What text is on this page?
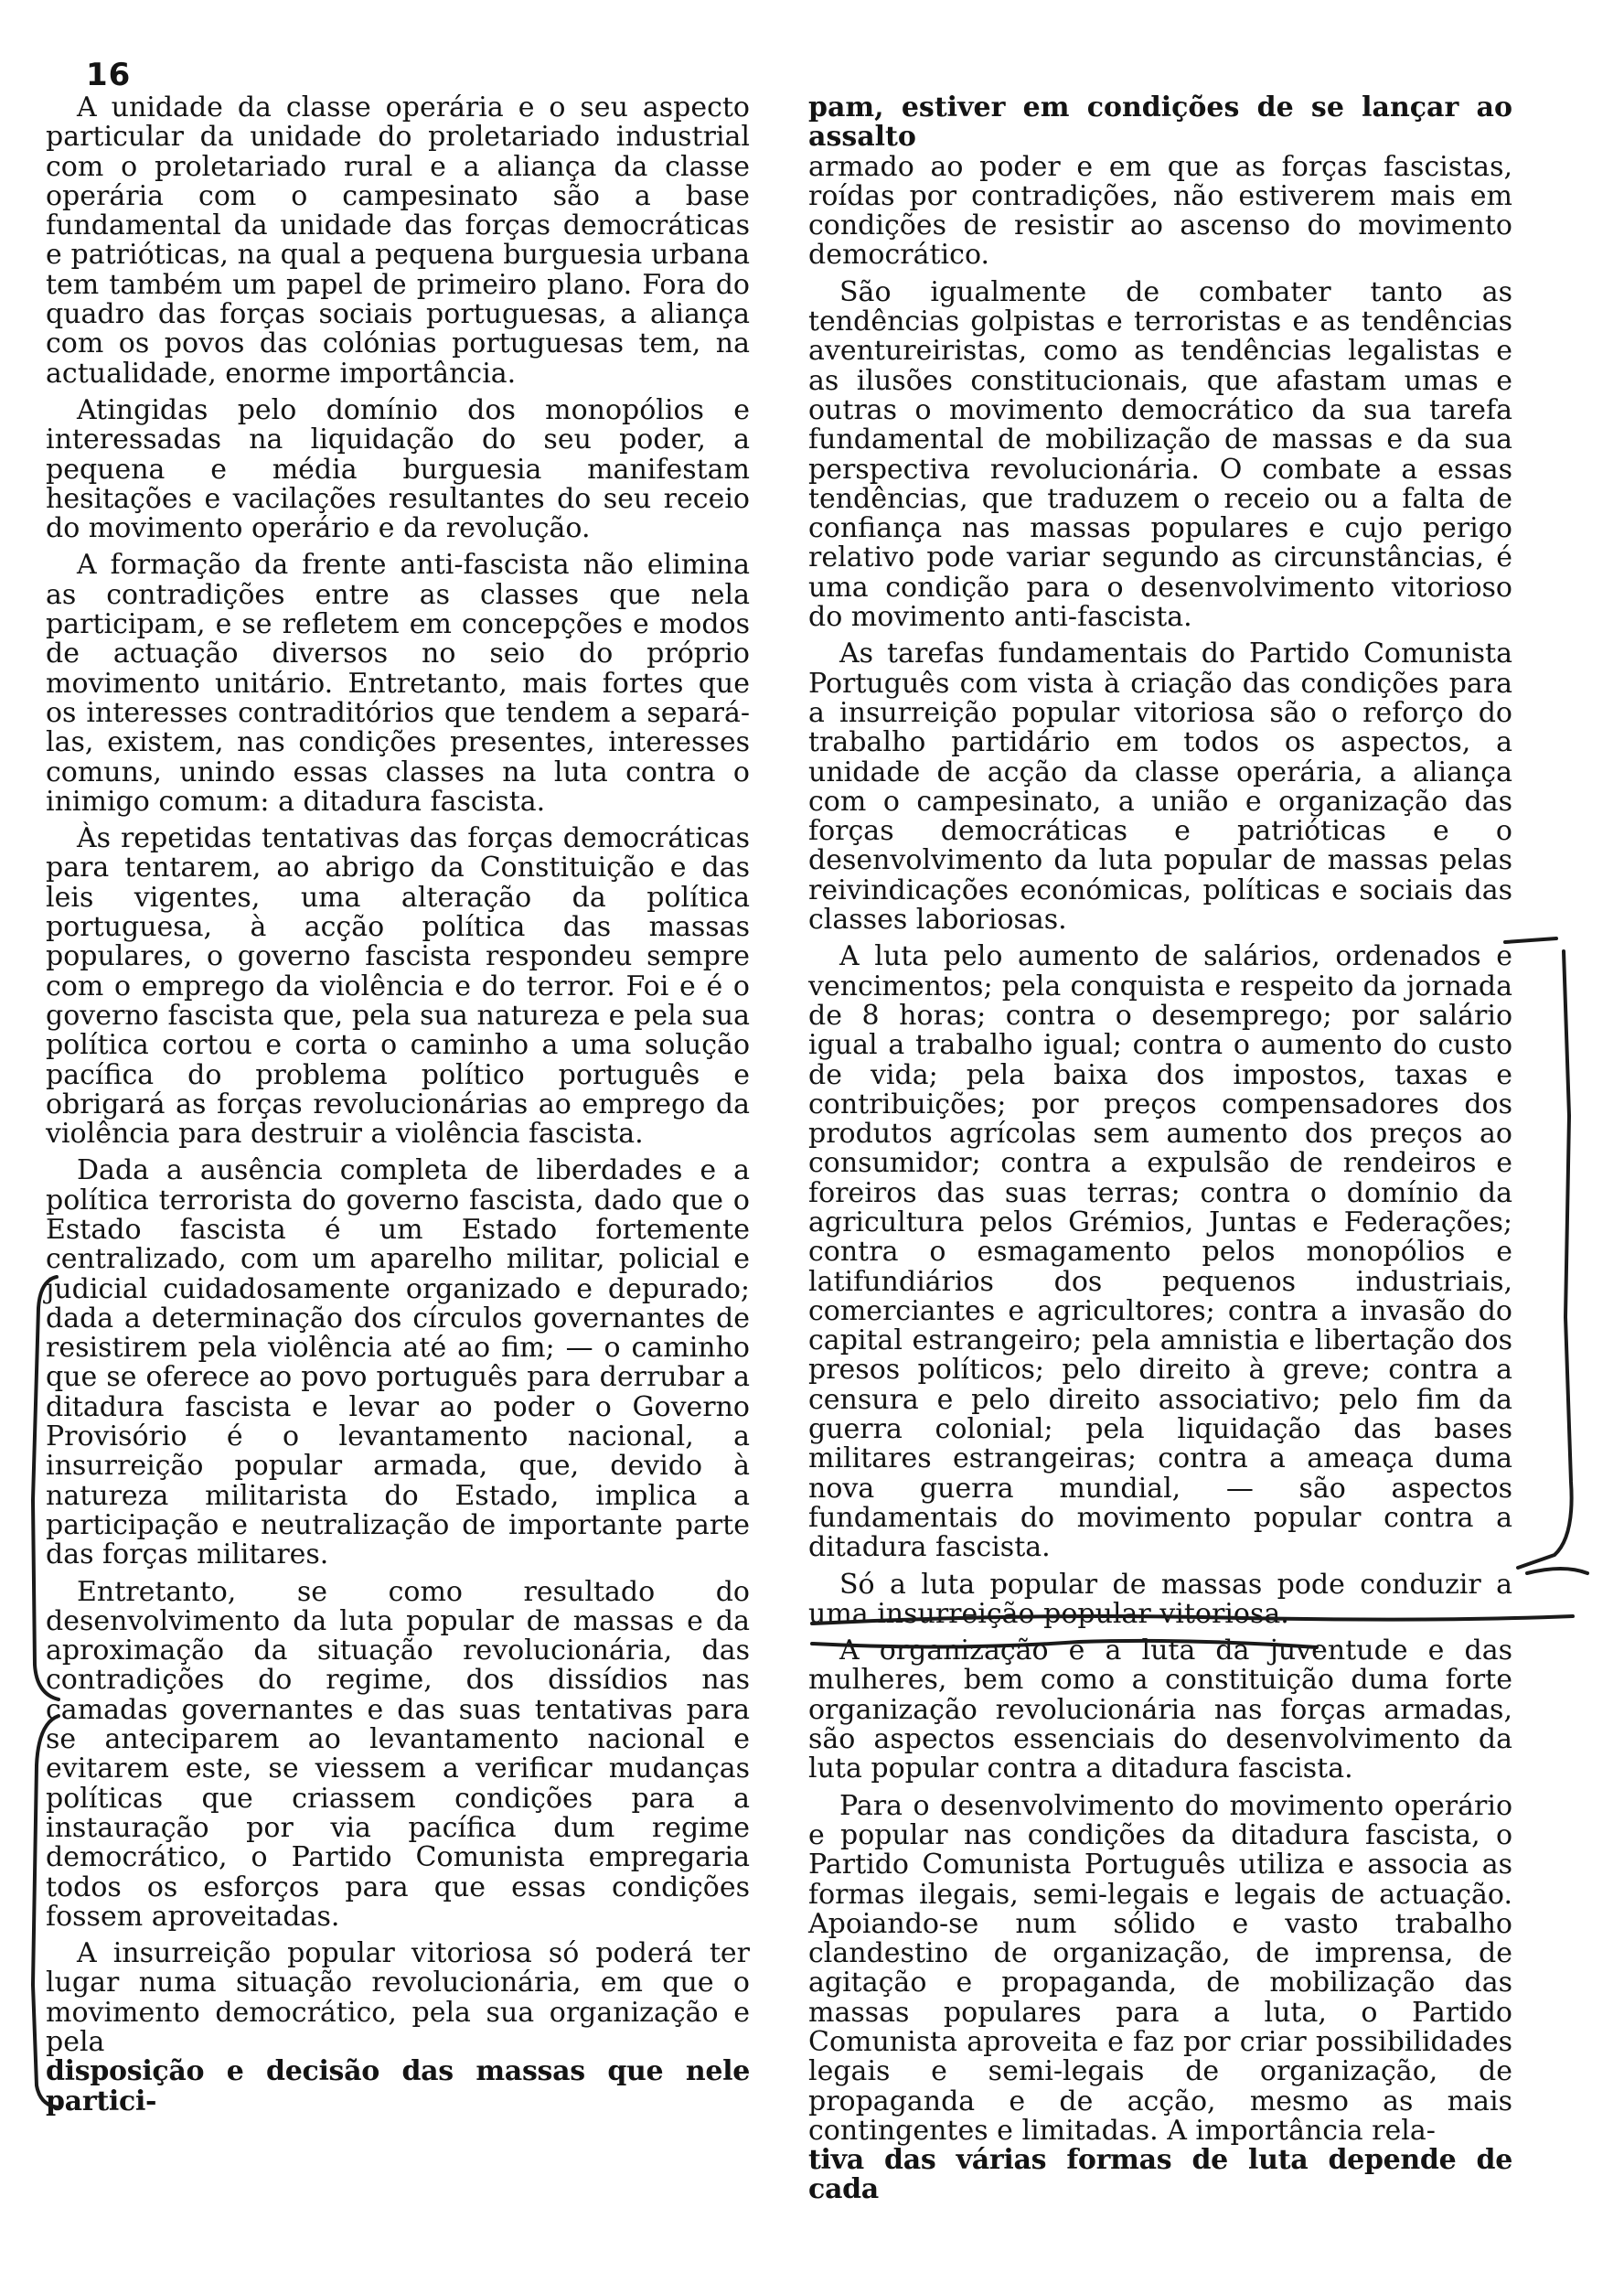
16

A unidade da classe operária e o seu aspecto particular da unidade do proletariado industrial com o proletariado rural e a aliança da classe operária com o campesinato são a base fundamental da unidade das forças democráticas e patrióticas, na qual a pequena burguesia urbana tem também um papel de primeiro plano. Fora do quadro das forças sociais portuguesas, a aliança com os povos das colónias portuguesas tem, na actualidade, enorme importância.

Atingidas pelo domínio dos monopólios e interessadas na liquidação do seu poder, a pequena e média burguesia manifestam hesitações e vacilações resultantes do seu receio do movimento operário e da revolução.

A formação da frente anti-fascista não elimina as contradições entre as classes que nela participam, e se refletem em concepções e modos de actuação diversos no seio do próprio movimento unitário. Entretanto, mais fortes que os interesses contraditórios que tendem a separá-las, existem, nas condições presentes, interesses comuns, unindo essas classes na luta contra o inimigo comum: a ditadura fascista.

Às repetidas tentativas das forças democráticas para tentarem, ao abrigo da Constituição e das leis vigentes, uma alteração da política portuguesa, à acção política das massas populares, o governo fascista respondeu sempre com o emprego da violência e do terror. Foi e é o governo fascista que, pela sua natureza e pela sua política cortou e corta o caminho a uma solução pacífica do problema político português e obrigará as forças revolucionárias ao emprego da violência para destruir a violência fascista.

Dada a ausência completa de liberdades e a política terrorista do governo fascista, dado que o Estado fascista é um Estado fortemente centralizado, com um aparelho militar, policial e judicial cuidadosamente organizado e depurado; dada a determinação dos círculos governantes de resistirem pela violência até ao fim; — o caminho que se oferece ao povo português para derrubar a ditadura fascista e levar ao poder o Governo Provisório é o levantamento nacional, a insurreição popular armada, que, devido à natureza militarista do Estado, implica a participação e neutralização de importante parte das forças militares.

Entretanto, se como resultado do desenvolvimento da luta popular de massas e da aproximação da situação revolucionária, das contradições do regime, dos dissídios nas camadas governantes e das suas tentativas para se anteciparem ao levantamento nacional e evitarem este, se viessem a verificar mudanças políticas que criassem condições para a instauração por via pacífica dum regime democrático, o Partido Comunista empregaria todos os esforços para que essas condições fossem aproveitadas.

A insurreição popular vitoriosa só poderá ter lugar numa situação revolucionária, em que o movimento democrático, pela sua organização e pela

disposição e decisão das massas que nele partici-

pam, estiver em condições de se lançar ao assalto

armado ao poder e em que as forças fascistas, roídas por contradições, não estiverem mais em condições de resistir ao ascenso do movimento democrático.

São igualmente de combater tanto as tendências golpistas e terroristas e as tendências aventureiristas, como as tendências legalistas e as ilusões constitucionais, que afastam umas e outras o movimento democrático da sua tarefa fundamental de mobilização de massas e da sua perspectiva revolucionária. O combate a essas tendências, que traduzem o receio ou a falta de confiança nas massas populares e cujo perigo relativo pode variar segundo as circunstâncias, é uma condição para o desenvolvimento vitorioso do movimento anti-fascista.

As tarefas fundamentais do Partido Comunista Português com vista à criação das condições para a insurreição popular vitoriosa são o reforço do trabalho partidário em todos os aspectos, a unidade de acção da classe operária, a aliança com o campesinato, a união e organização das forças democráticas e patrióticas e o desenvolvimento da luta popular de massas pelas reivindicações económicas, políticas e sociais das classes laboriosas.

A luta pelo aumento de salários, ordenados e vencimentos; pela conquista e respeito da jornada de 8 horas; contra o desemprego; por salário igual a trabalho igual; contra o aumento do custo de vida; pela baixa dos impostos, taxas e contribuições; por preços compensadores dos produtos agrícolas sem aumento dos preços ao consumidor; contra a expulsão de rendeiros e foreiros das suas terras; contra o domínio da agricultura pelos Grémios, Juntas e Federações; contra o esmagamento pelos monopólios e latifundiários dos pequenos industriais, comerciantes e agricultores; contra a invasão do capital estrangeiro; pela amnistia e libertação dos presos políticos; pelo direito à greve; contra a censura e pelo direito associativo; pelo fim da guerra colonial; pela liquidação das bases militares estrangeiras; contra a ameaça duma nova guerra mundial, — são aspectos fundamentais do movimento popular contra a ditadura fascista.

Só a luta popular de massas pode conduzir a uma insurreição popular vitoriosa.

A organização e a luta da juventude e das mulheres, bem como a constituição duma forte organização revolucionária nas forças armadas, são aspectos essenciais do desenvolvimento da luta popular contra a ditadura fascista.

Para o desenvolvimento do movimento operário e popular nas condições da ditadura fascista, o Partido Comunista Português utiliza e associa as formas ilegais, semi-legais e legais de actuação. Apoiando-se num sólido e vasto trabalho clandestino de organização, de imprensa, de agitação e propaganda, de mobilização das massas populares para a luta, o Partido Comunista aproveita e faz por criar possibilidades legais e semi-legais de organização, de propaganda e de acção, mesmo as mais contingentes e limitadas. A importância rela-

tiva das várias formas de luta depende de cada
